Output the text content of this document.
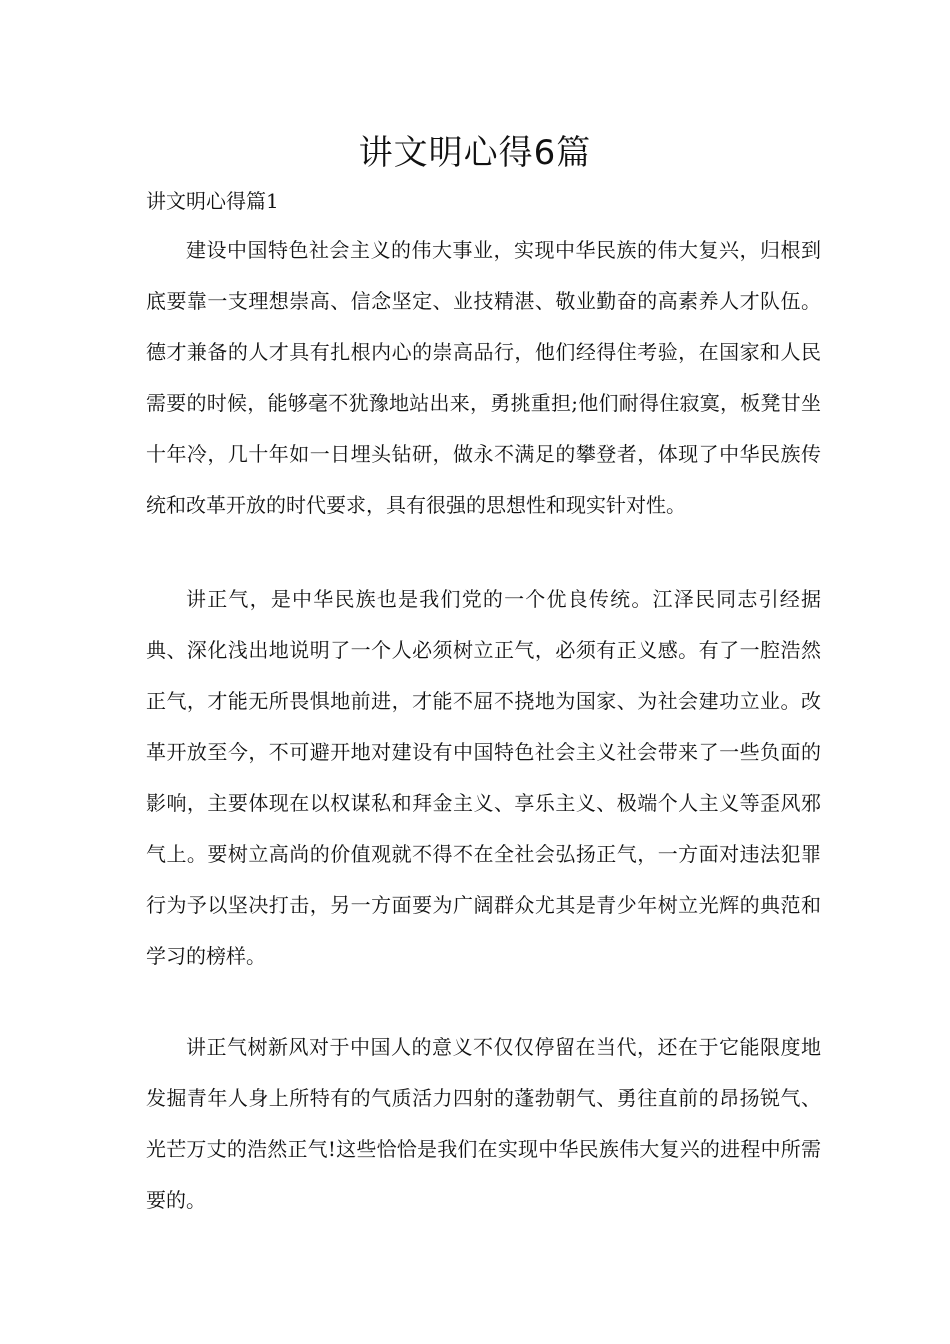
讲文明心得6篇

讲文明心得篇1

建设中国特色社会主义的伟大事业，实现中华民族的伟大复兴，归根到底要靠一支理想崇高、信念坚定、业技精湛、敬业勤奋的高素养人才队伍。德才兼备的人才具有扎根内心的崇高品行，他们经得住考验，在国家和人民需要的时候，能够毫不犹豫地站出来，勇挑重担;他们耐得住寂寞，板凳甘坐十年冷，几十年如一日埋头钻研，做永不满足的攀登者，体现了中华民族传统和改革开放的时代要求，具有很强的思想性和现实针对性。

讲正气，是中华民族也是我们党的一个优良传统。江泽民同志引经据典、深化浅出地说明了一个人必须树立正气，必须有正义感。有了一腔浩然正气，才能无所畏惧地前进，才能不屈不挠地为国家、为社会建功立业。改革开放至今，不可避开地对建设有中国特色社会主义社会带来了一些负面的影响，主要体现在以权谋私和拜金主义、享乐主义、极端个人主义等歪风邪气上。要树立高尚的价值观就不得不在全社会弘扬正气，一方面对违法犯罪行为予以坚决打击，另一方面要为广阔群众尤其是青少年树立光辉的典范和学习的榜样。

讲正气树新风对于中国人的意义不仅仅停留在当代，还在于它能限度地发掘青年人身上所特有的气质活力四射的蓬勃朝气、勇往直前的昂扬锐气、光芒万丈的浩然正气!这些恰恰是我们在实现中华民族伟大复兴的进程中所需要的。
